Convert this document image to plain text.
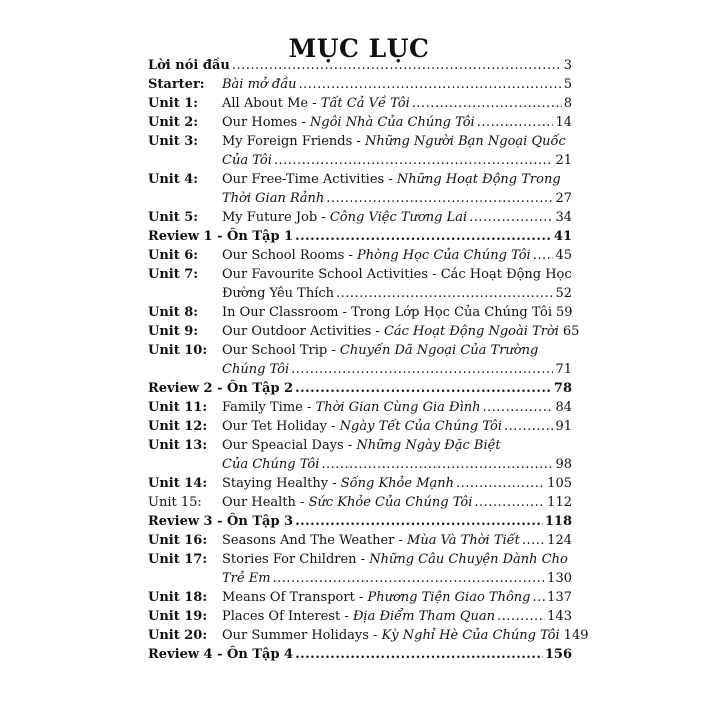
MỤC LỤC
Lời nói đầu .....	3
Starter: Bài mở đầu .....	5
Unit 1: All About Me - Tất Cả Về Tôi .....	8
Unit 2: Our Homes - Ngôi Nhà Của Chúng Tôi .....	14
Unit 3: My Foreign Friends - Những Người Bạn Ngoại Quốc
Của Tôi .....	21
Unit 4: Our Free-Time Activities - Những Hoạt Động Trong
Thời Gian Rảnh .....	27
Unit 5: My Future Job - Công Việc Tương Lai .....	34
Review 1 - Ôn Tập 1 .....	41
Unit 6: Our School Rooms - Phòng Học Của Chúng Tôi ..... 45
Unit 7: Our Favourite School Activities - Các Hoạt Động Học
Đường Yêu Thích .....	52
Unit 8: In Our Classroom - Trong Lớp Học Của Chúng Tôi 59
Unit 9: Our Outdoor Activities - Các Hoạt Động Ngoài Trời 65
Unit 10: Our School Trip - Chuyến Dã Ngoại Của Trường
Chúng Tôi .....	71
Review 2 - Ôn Tập 2 .....	78
Unit 11: Family Time - Thời Gian Cùng Gia Đình .....	84
Unit 12: Our Tet Holiday - Ngày Tết Của Chúng Tôi .....	91
Unit 13: Our Speacial Days - Những Ngày Đặc Biệt
Của Chúng Tôi .....	98
Unit 14: Staying Healthy - Sống Khỏe Mạnh .....	105
Unit 15: Our Health - Sức Khỏe Của Chúng Tôi .....	112
Review 3 - Ôn Tập 3 .....	118
Unit 16: Seasons And The Weather - Mùa Và Thời Tiết ..... 124
Unit 17: Stories For Children - Những Câu Chuyện Dành Cho
Trẻ Em .....	130
Unit 18: Means Of Transport - Phương Tiện Giao Thông ..... 137
Unit 19: Places Of Interest - Địa Điểm Tham Quan .....	143
Unit 20: Our Summer Holidays - Kỳ Nghỉ Hè Của Chúng Tôi 149
Review 4 - Ôn Tập 4 .....	156
